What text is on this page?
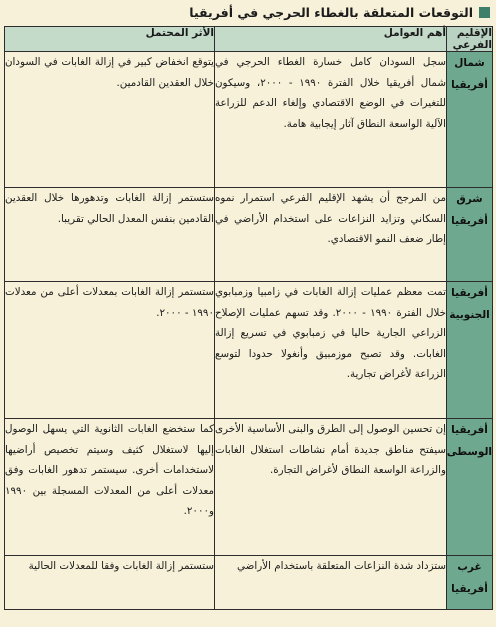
التوقعات المتعلقة بالغطاء الحرجي في أفريقيا
الإقليم الفرعي	أهم العوامل	الأثر المحتمل
شمال أفريقيا	سجل السودان كامل خسارة الغطاء الحرجي في شمال أفريقيا خلال الفترة ١٩٩٠ - ٢٠٠٠، وسيكون للتغيرات في الوضع الاقتصادي وإلغاء الدعم للزراعة الآلية الواسعة النطاق آثار إيجابية هامة.	يتوقع انخفاض كبير في إزالة الغابات في السودان خلال العقدين القادمين.
شرق أفريقيا	من المرجح أن يشهد الإقليم الفرعي استمرار نموه السكاني وتزايد النزاعات على استخدام الأراضي في إطار ضعف النمو الاقتصادي.	ستستمر إزالة الغابات وتدهورها خلال العقدين القادمين بنفس المعدل الحالي تقريبا.
أفريقيا الجنوبية	تمت معظم عمليات إزالة الغابات في زامبيا وزمبابوي خلال الفترة ١٩٩٠ - ٢٠٠٠. وقد تسهم عمليات الإصلاح الزراعي الجارية حاليا في زمبابوي في تسريع إزالة الغابات. وقد تصبح موزمبيق وأنغولا حدودا لتوسع الزراعة لأغراض تجارية.	ستستمر إزالة الغابات بمعدلات أعلى من معدلات ١٩٩٠ - ٢٠٠٠.
أفريقيا الوسطى	إن تحسين الوصول إلى الطرق والبنى الأساسية الأخرى سيفتح مناطق جديدة أمام نشاطات استغلال الغابات والزراعة الواسعة النطاق لأغراض التجارة.	كما ستخضع الغابات الثانوية التي يسهل الوصول إليها لاستغلال كثيف وسيتم تخصيص أراضيها لاستخدامات أخرى. سيستمر تدهور الغابات وفق معدلات أعلى من المعدلات المسجلة بين ١٩٩٠ و٢٠٠٠.
غرب أفريقيا	ستزداد شدة النزاعات المتعلقة باستخدام الأراضي	ستستمر إزالة الغابات وفقا للمعدلات الحالية
